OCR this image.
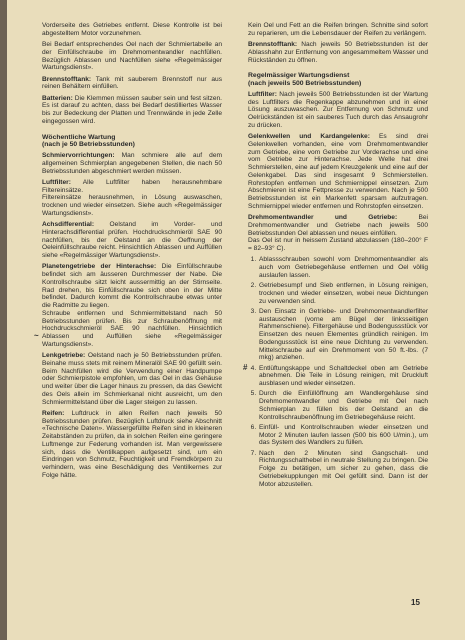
Vorderseite des Getriebes entfernt. Diese Kontrolle ist bei abgestelltem Motor vorzunehmen.

Bei Bedarf entsprechendes Oel nach der Schmiertabelle an der Einfüllschraube im Drehmomentwandler nachfüllen. Bezüglich Ablassen und Nachfüllen siehe «Regelmässiger Wartungsdienst».

Brennstofftank: Tank mit sauberem Brennstoff nur aus reinen Behältern einfüllen.

Batterien: Die Klemmen müssen sauber sein und fest sitzen. Es ist darauf zu achten, dass bei Bedarf destilliertes Wasser bis zur Bedeckung der Platten und Trennwände in jede Zelle eingegossen wird.

Wöchentliche Wartung
(nach je 50 Betriebsstunden)

Schmiervorrichtungen: Man schmiere alle auf dem allgemeinen Schmierplan angegebenen Stellen, die nach 50 Betriebsstunden abgeschmiert werden müssen.

Luftfilter: Alle Luftfilter haben herausnehmbare Filtereinsätze.

Filtereinsätze herausnehmen, in Lösung auswaschen, trocknen und wieder einsetzen. Siehe auch «Regelmässiger Wartungsdienst».

Achsdifferential: Oelstand im Vorder- und Hinterachsdifferential prüfen. Hochdruckschmieröl SAE 90 nachfüllen, bis der Oelstand an die Oeffnung der Oeleinfüllschraube reicht. Hinsichtlich Ablassen und Auffüllen siehe «Regelmässiger Wartungsdienst».

Planetengetriebe der Hinterachse: Die Einfüllschraube befindet sich am äusseren Durchmesser der Nabe. Die Kontrollschraube sitzt leicht aussermittig an der Stirnseite. Rad drehen, bis Einfüllschraube sich oben in der Mitte befindet. Dadurch kommt die Kontrollschraube etwas unter die Radmitte zu liegen.

Schraube entfernen und Schmiermittelstand nach 50 Betriebsstunden prüfen. Bis zur Schraubenöffnung mit Hochdruckschmieröl SAE 90 nachfüllen. Hinsichtlich Ablassen und Auffüllen siehe «Regelmässiger Wartungsdienst».

Lenkgetriebe: Oelstand nach je 50 Betriebsstunden prüfen. Beinahe muss stets mit reinem Mineralöl SAE 90 gefüllt sein. Beim Nachfüllen wird die Verwendung einer Handpumpe oder Schmierpistole empfohlen, um das Oel in das Gehäuse und weiter über die Lager hinaus zu pressen, da das Gewicht des Oels allein im Schmierkanal nicht ausreicht, um den Schmiermittelstand über die Lager steigen zu lassen.

Reifen: Luftdruck in allen Reifen nach jeweils 50 Betriebsstunden prüfen. Bezüglich Luftdruck siehe Abschnitt «Technische Daten». Wassergefüllte Reifen sind in kleineren Zeitabständen zu prüfen, da in solchen Reifen eine geringere Luftmenge zur Federung vorhanden ist. Man vergewissere sich, dass die Ventilkappen aufgesetzt sind, um ein Eindringen von Schmutz, Feuchtigkeit und Fremdkörpern zu verhindern, was eine Beschädigung des Ventilkernes zur Folge hätte.

Kein Oel und Fett an die Reifen bringen. Schnitte sind sofort zu reparieren, um die Lebensdauer der Reifen zu verlängern.

Brennstofftank: Nach jeweils 50 Betriebsstunden ist der Ablasshahn zur Entfernung von angesammeltem Wasser und Rückständen zu öffnen.

Regelmässiger Wartungsdienst
(nach jeweils 500 Betriebsstunden)

Luftfilter: Nach jeweils 500 Betriebsstunden ist der Wartung des Luftfilters die Regenkappe abzunehmen und in einer Lösung auszuwaschen. Zur Entfernung von Schmutz und Oelrückständen ist ein sauberes Tuch durch das Ansaugrohr zu drücken.

Gelenkwellen und Kardangelenke: Es sind drei Gelenkwellen vorhanden, eine vom Drehmomentwandler zum Getriebe, eine vom Getriebe zur Vorderachse und eine vom Getriebe zur Hinterachse. Jede Welle hat drei Schmierstellen, eine auf jedem Kreuzgelenk und eine auf der Gelenkgabel. Das sind insgesamt 9 Schmierstellen. Rohrstopfen entfernen und Schmiernippel einsetzen. Zum Abschmieren ist eine Fettpresse zu verwenden. Nach je 500 Betriebsstunden ist ein Markenfett sparsam aufzutragen. Schmiernippel wieder entfernen und Rohrstopfen einsetzen.

Drehmomentwandler und Getriebe:	Bei Drehmomentwandler und Getriebe nach jeweils 500 Betriebsstunden Oel ablassen und neues einfüllen.

Das Oel ist nur in heissem Zustand abzulassen (180–200° F = 82–93° C).

1. Ablassschrauben sowohl vom Drehmomentwandler als auch vom Getriebegehäuse entfernen und Oel völlig auslaufen lassen.
2. Getriebesumpf und Sieb entfernen, in Lösung reinigen, trocknen und wieder einsetzen, wobei neue Dichtungen zu verwenden sind.
3. Den Einsatz in Getriebe- und Drehmomentwandlerfilter austauschen (vorne am Bügel der linksseitigen Rahmenschiene). Filtergehäuse und Bodengussstück vor Einsetzen des neuen Elementes gründlich reinigen. Im Bodengussstück ist eine neue Dichtung zu verwenden. Mittelschraube auf ein Drehmoment von 50 ft.-lbs. (7 mkg) anziehen.
4. Entlüftungskappe und Schaltdeckel oben am Getriebe abnehmen. Die Teile in Lösung reinigen, mit Druckluft ausblasen und wieder einsetzen.
5. Durch die Einfüllöffnung am Wandlergehäuse sind Drehmomentwandler und Getriebe mit Oel nach Schmierplan zu füllen bis der Oelstand an die Kontrollschraubenöffnung im Getriebegehäuse reicht.
6. Einfüll- und Kontrollschrauben wieder einsetzen und Motor 2 Minuten laufen lassen (500 bis 600 U/min.), um das System des Wandlers zu füllen.
7. Nach den 2 Minuten sind Gangschalt- und Richtungsschalthebel in neutrale Stellung zu bringen. Die Folge zu betätigen, um sicher zu gehen, dass die Getriebekupplungen mit Oel gefüllt sind. Dann ist der Motor abzustellen.
~
#
15
